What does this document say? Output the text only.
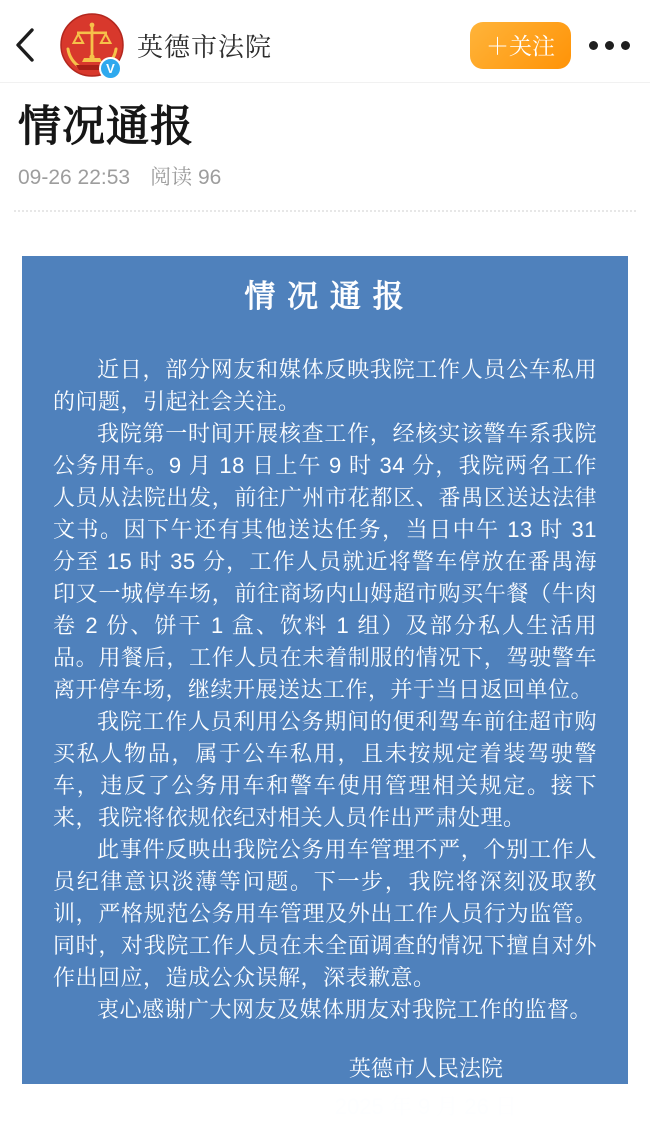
V
英德市法院	＋关注
情况通报
09-26 22:53 阅读 96
情 况 通 报

近日，部分网友和媒体反映我院工作人员公车私用的问题，引起社会关注。

我院第一时间开展核查工作，经核实该警车系我院公务用车。9 月 18 日上午 9 时 34 分，我院两名工作人员从法院出发，前往广州市花都区、番禺区送达法律文书。因下午还有其他送达任务，当日中午 13 时 31 分至 15 时 35 分，工作人员就近将警车停放在番禺海印又一城停车场，前往商场内山姆超市购买午餐（牛肉卷 2 份、饼干 1 盒、饮料 1 组）及部分私人生活用品。用餐后，工作人员在未着制服的情况下，驾驶警车离开停车场，继续开展送达工作，并于当日返回单位。

我院工作人员利用公务期间的便利驾车前往超市购买私人物品，属于公车私用，且未按规定着装驾驶警车，违反了公务用车和警车使用管理相关规定。接下来，我院将依规依纪对相关人员作出严肃处理。

此事件反映出我院公务用车管理不严，个别工作人员纪律意识淡薄等问题。下一步，我院将深刻汲取教训，严格规范公务用车管理及外出工作人员行为监管。同时，对我院工作人员在未全面调查的情况下擅自对外作出回应，造成公众误解，深表歉意。

衷心感谢广大网友及媒体朋友对我院工作的监督。

英德市人民法院
2025 年 9 月 26 日
